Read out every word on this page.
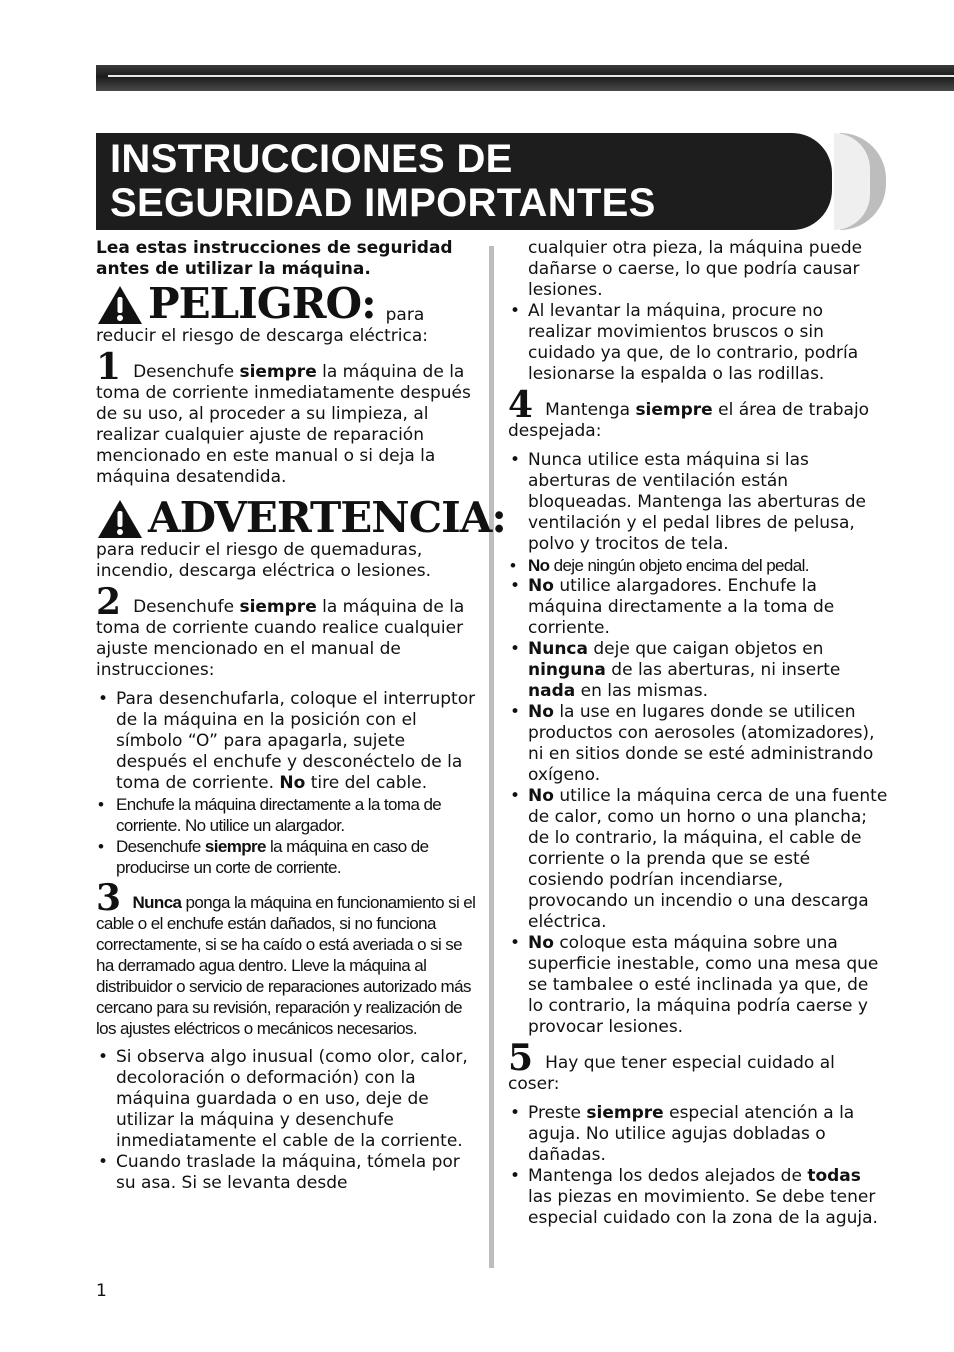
INSTRUCCIONES DE
SEGURIDAD IMPORTANTES

Lea estas instrucciones de seguridad antes de utilizar la máquina.

PELIGRO: para

reducir el riesgo de descarga eléctrica:

1 Desenchufe siempre la máquina de la toma de corriente inmediatamente después de su uso, al proceder a su limpieza, al realizar cualquier ajuste de reparación mencionado en este manual o si deja la máquina desatendida.

ADVERTENCIA:

para reducir el riesgo de quemaduras, incendio, descarga eléctrica o lesiones.

2 Desenchufe siempre la máquina de la toma de corriente cuando realice cualquier ajuste mencionado en el manual de instrucciones:

• Para desenchufarla, coloque el interruptor de la máquina en la posición con el símbolo “O” para apagarla, sujete después el enchufe y desconéctelo de la toma de corriente. No tire del cable.
• Enchufe la máquina directamente a la toma de corriente. No utilice un alargador.
• Desenchufe siempre la máquina en caso de producirse un corte de corriente.

3 Nunca ponga la máquina en funcionamiento si el cable o el enchufe están dañados, si no funciona correctamente, si se ha caído o está averiada o si se ha derramado agua dentro. Lleve la máquina al distribuidor o servicio de reparaciones autorizado más cercano para su revisión, reparación y realización de los ajustes eléctricos o mecánicos necesarios.

• Si observa algo inusual (como olor, calor, decoloración o deformación) con la máquina guardada o en uso, deje de utilizar la máquina y desenchufe inmediatamente el cable de la corriente.
• Cuando traslade la máquina, tómela por su asa. Si se levanta desde

cualquier otra pieza, la máquina puede dañarse o caerse, lo que podría causar lesiones.

• Al levantar la máquina, procure no realizar movimientos bruscos o sin cuidado ya que, de lo contrario, podría lesionarse la espalda o las rodillas.

4 Mantenga siempre el área de trabajo despejada:

• Nunca utilice esta máquina si las aberturas de ventilación están bloqueadas. Mantenga las aberturas de ventilación y el pedal libres de pelusa, polvo y trocitos de tela.
• No deje ningún objeto encima del pedal.
• No utilice alargadores. Enchufe la máquina directamente a la toma de corriente.
• Nunca deje que caigan objetos en ninguna de las aberturas, ni inserte nada en las mismas.
• No la use en lugares donde se utilicen productos con aerosoles (atomizadores), ni en sitios donde se esté administrando oxígeno.
• No utilice la máquina cerca de una fuente de calor, como un horno o una plancha; de lo contrario, la máquina, el cable de corriente o la prenda que se esté cosiendo podrían incendiarse, provocando un incendio o una descarga eléctrica.
• No coloque esta máquina sobre una superficie inestable, como una mesa que se tambalee o esté inclinada ya que, de lo contrario, la máquina podría caerse y provocar lesiones.

5 Hay que tener especial cuidado al coser:

• Preste siempre especial atención a la aguja. No utilice agujas dobladas o dañadas.
• Mantenga los dedos alejados de todas las piezas en movimiento. Se debe tener especial cuidado con la zona de la aguja.
1
